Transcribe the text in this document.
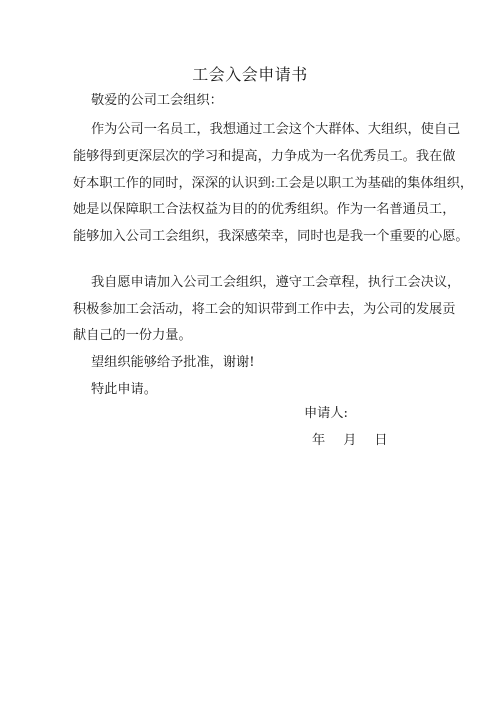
工会入会申请书
敬爱的公司工会组织：
作为公司一名员工，我想通过工会这个大群体、大组织，使自己
能够得到更深层次的学习和提高，力争成为一名优秀员工。我在做
好本职工作的同时，深深的认识到:工会是以职工为基础的集体组织，
她是以保障职工合法权益为目的的优秀组织。作为一名普通员工，
能够加入公司工会组织，我深感荣幸，同时也是我一个重要的心愿。
我自愿申请加入公司工会组织，遵守工会章程，执行工会决议，
积极参加工会活动，将工会的知识带到工作中去，为公司的发展贡
献自己的一份力量。
望组织能够给予批准，谢谢!
特此申请。
申请人:
年 月 日
